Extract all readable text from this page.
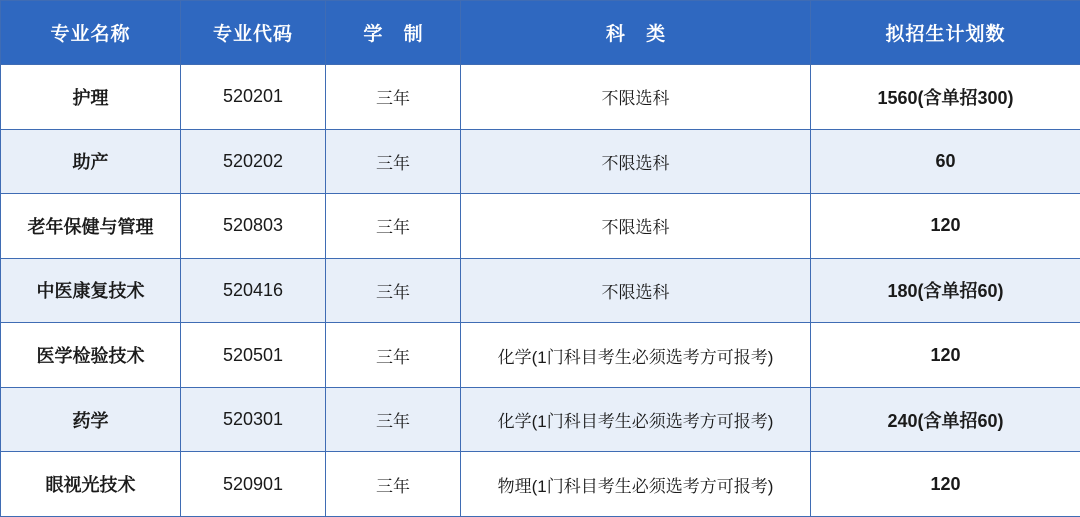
专业名称	专业代码	学 制	科 类	拟招生计划数
护理	520201	三年	不限选科	1560(含单招300)
助产	520202	三年	不限选科	60
老年保健与管理	520803	三年	不限选科	120
中医康复技术	520416	三年	不限选科	180(含单招60)
医学检验技术	520501	三年	化学(1门科目考生必须选考方可报考)	120
药学	520301	三年	化学(1门科目考生必须选考方可报考)	240(含单招60)
眼视光技术	520901	三年	物理(1门科目考生必须选考方可报考)	120
